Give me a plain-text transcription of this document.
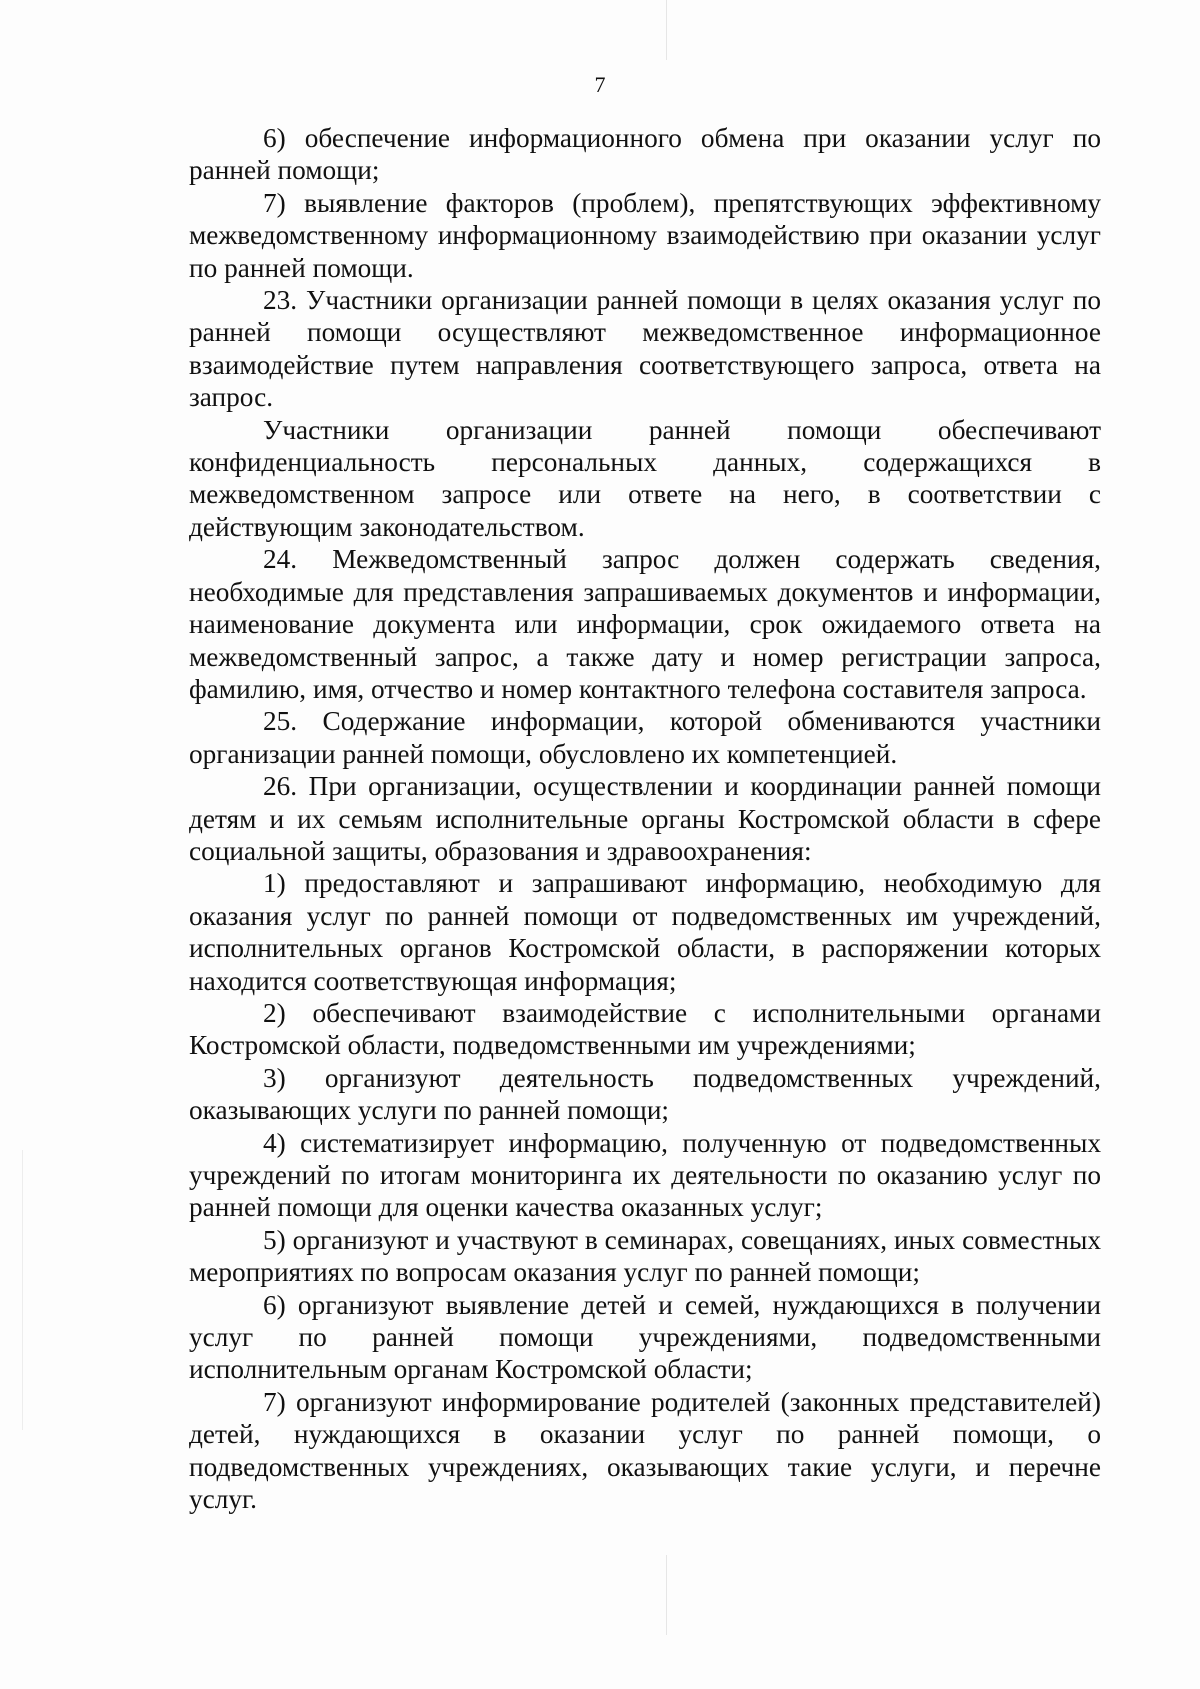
7

6) обеспечение информационного обмена при оказании услуг по ранней помощи;

7) выявление факторов (проблем), препятствующих эффективному межведомственному информационному взаимодействию при оказании услуг по ранней помощи.

23. Участники организации ранней помощи в целях оказания услуг по ранней помощи осуществляют межведомственное информационное взаимодействие путем направления соответствующего запроса, ответа на запрос.

Участники организации ранней помощи обеспечивают конфиденциальность персональных данных, содержащихся в межведомственном запросе или ответе на него, в соответствии с действующим законодательством.

24. Межведомственный запрос должен содержать сведения, необходимые для представления запрашиваемых документов и информации, наименование документа или информации, срок ожидаемого ответа на межведомственный запрос, а также дату и номер регистрации запроса, фамилию, имя, отчество и номер контактного телефона составителя запроса.

25. Содержание информации, которой обмениваются участники организации ранней помощи, обусловлено их компетенцией.

26. При организации, осуществлении и координации ранней помощи детям и их семьям исполнительные органы Костромской области в сфере социальной защиты, образования и здравоохранения:

1) предоставляют и запрашивают информацию, необходимую для оказания услуг по ранней помощи от подведомственных им учреждений, исполнительных органов Костромской области, в распоряжении которых находится соответствующая информация;

2) обеспечивают взаимодействие с исполнительными органами Костромской области, подведомственными им учреждениями;

3) организуют деятельность подведомственных учреждений, оказывающих услуги по ранней помощи;

4) систематизирует информацию, полученную от подведомственных учреждений по итогам мониторинга их деятельности по оказанию услуг по ранней помощи для оценки качества оказанных услуг;

5) организуют и участвуют в семинарах, совещаниях, иных совместных мероприятиях по вопросам оказания услуг по ранней помощи;

6) организуют выявление детей и семей, нуждающихся в получении услуг по ранней помощи учреждениями, подведомственными исполнительным органам Костромской области;

7) организуют информирование родителей (законных представителей) детей, нуждающихся в оказании услуг по ранней помощи, о подведомственных учреждениях, оказывающих такие услуги, и перечне услуг.
